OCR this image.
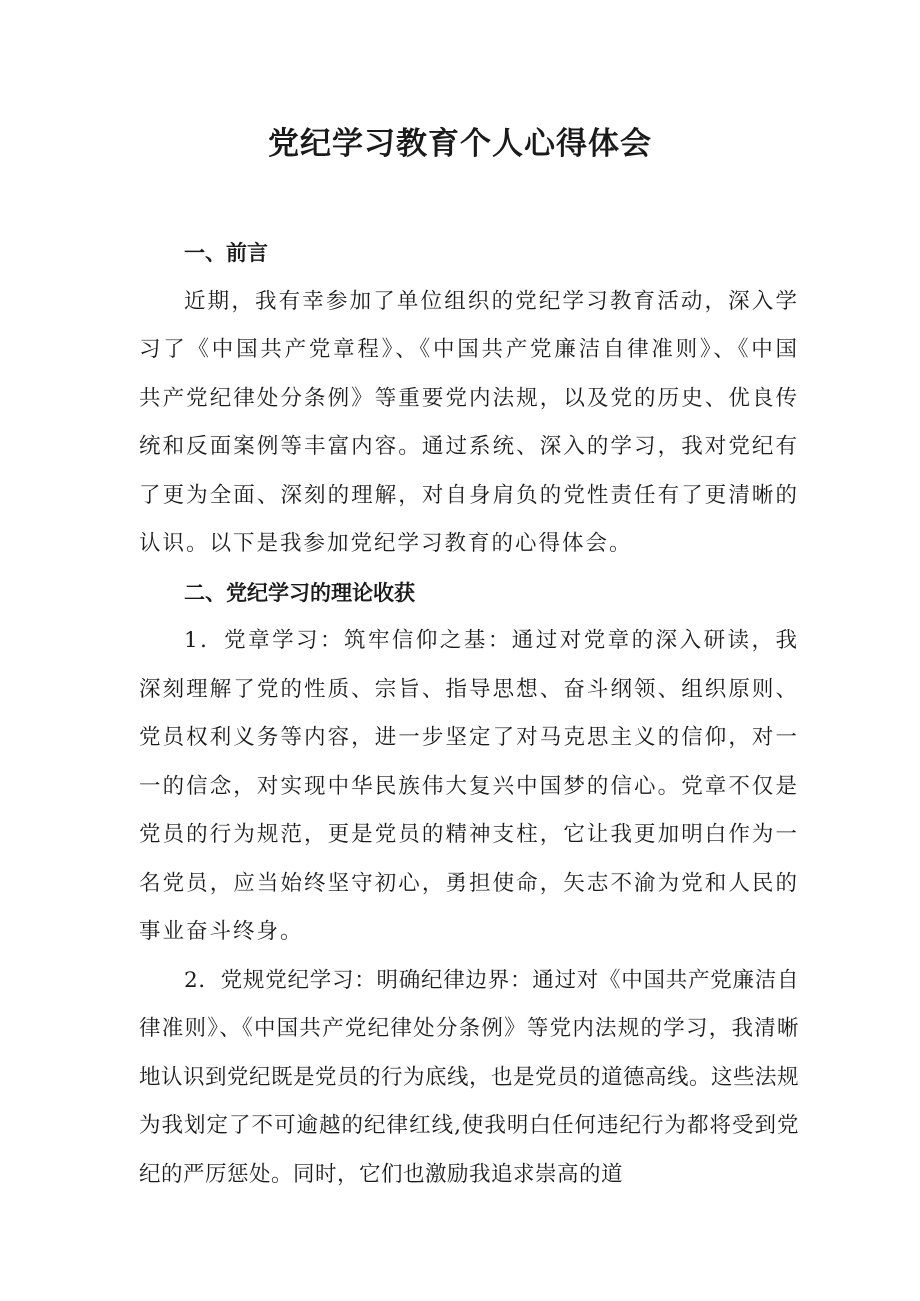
党纪学习教育个人心得体会
一、前言

近期，我有幸参加了单位组织的党纪学习教育活动，深入学习了《中国共产党章程》、《中国共产党廉洁自律准则》、《中国共产党纪律处分条例》等重要党内法规，以及党的历史、优良传统和反面案例等丰富内容。通过系统、深入的学习，我对党纪有了更为全面、深刻的理解，对自身肩负的党性责任有了更清晰的认识。以下是我参加党纪学习教育的心得体会。

二、党纪学习的理论收获

1．党章学习：筑牢信仰之基：通过对党章的深入研读，我深刻理解了党的性质、宗旨、指导思想、奋斗纲领、组织原则、党员权利义务等内容，进一步坚定了对马克思主义的信仰，对一一的信念，对实现中华民族伟大复兴中国梦的信心。党章不仅是党员的行为规范，更是党员的精神支柱，它让我更加明白作为一名党员，应当始终坚守初心，勇担使命，矢志不渝为党和人民的事业奋斗终身。

2．党规党纪学习：明确纪律边界：通过对《中国共产党廉洁自律准则》、《中国共产党纪律处分条例》等党内法规的学习，我清晰地认识到党纪既是党员的行为底线，也是党员的道德高线。这些法规为我划定了不可逾越的纪律红线,使我明白任何违纪行为都将受到党纪的严厉惩处。同时，它们也激励我追求崇高的道
